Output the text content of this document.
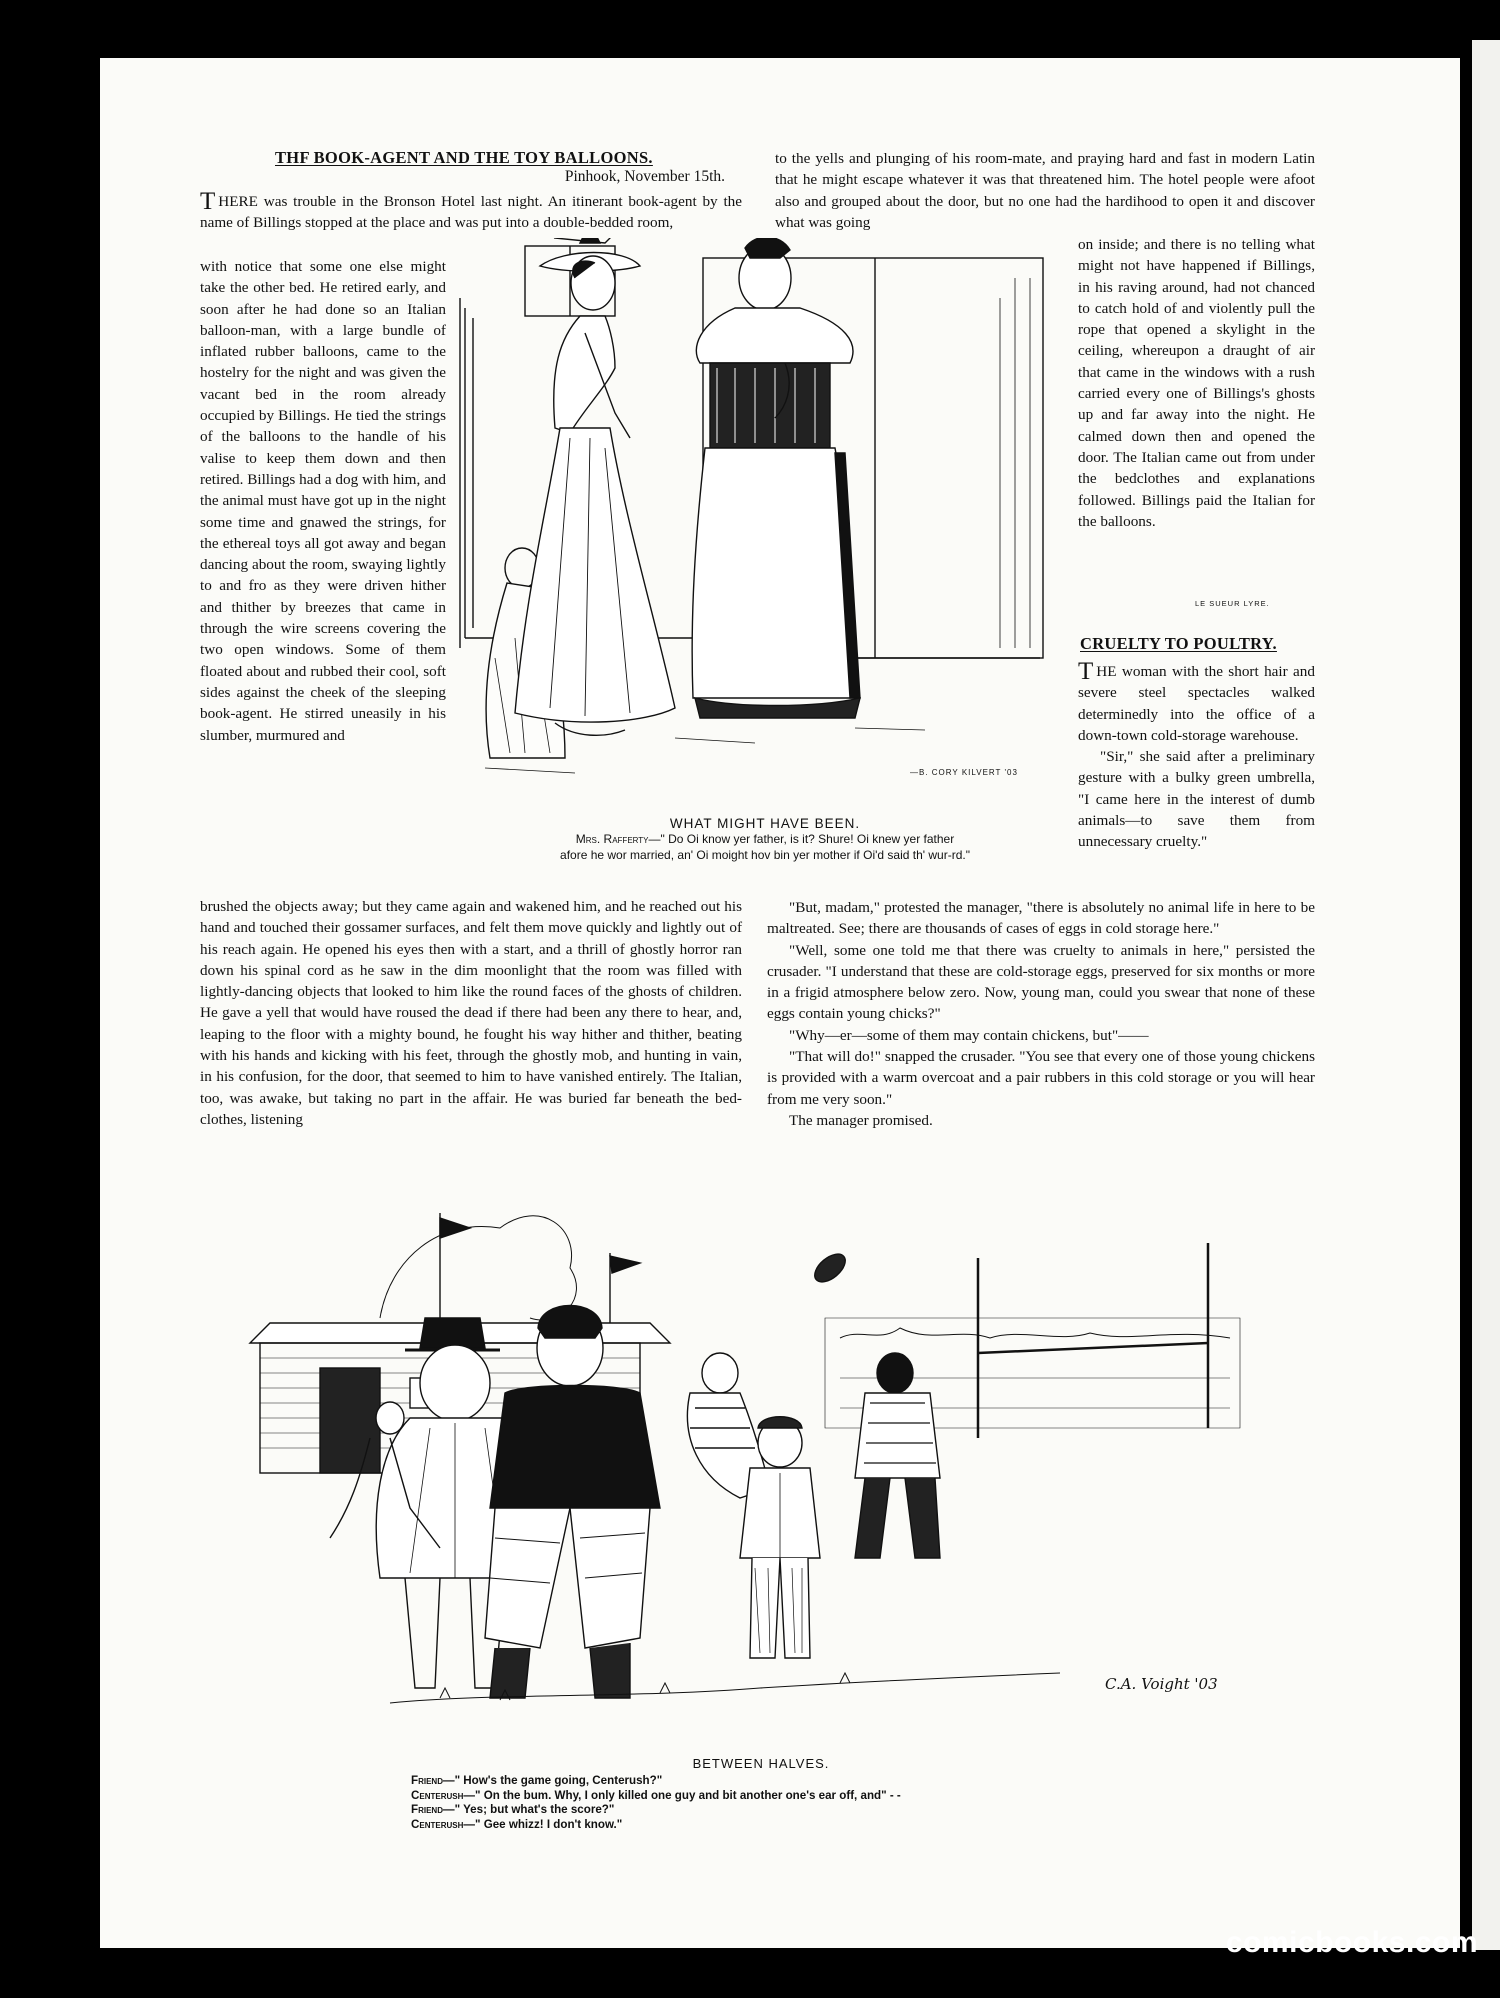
THF BOOK-AGENT AND THE TOY BALLOONS.
Pinhook, November 15th.

THERE was trouble in the Bronson Hotel last night. An itinerant book-agent by the name of Billings stopped at the place and was put into a double-bedded room,

with notice that some one else might take the other bed. He retired early, and soon after he had done so an Italian balloon-man, with a large bundle of inflated rubber balloons, came to the hostelry for the night and was given the vacant bed in the room already occupied by Billings. He tied the strings of the balloons to the handle of his valise to keep them down and then retired. Billings had a dog with him, and the animal must have got up in the night some time and gnawed the strings, for the ethereal toys all got away and began dancing about the room, swaying lightly to and fro as they were driven hither and thither by breezes that came in through the wire screens covering the two open windows. Some of them floated about and rubbed their cool, soft sides against the cheek of the sleeping book-agent. He stirred uneasily in his slumber, murmured and

brushed the objects away; but they came again and wakened him, and he reached out his hand and touched their gossamer surfaces, and felt them move quickly and lightly out of his reach again. He opened his eyes then with a start, and a thrill of ghostly horror ran down his spinal cord as he saw in the dim moonlight that the room was filled with lightly-dancing objects that looked to him like the round faces of the ghosts of children. He gave a yell that would have roused the dead if there had been any there to hear, and, leaping to the floor with a mighty bound, he fought his way hither and thither, beating with his hands and kicking with his feet, through the ghostly mob, and hunting in vain, in his confusion, for the door, that seemed to him to have vanished entirely. The Italian, too, was awake, but taking no part in the affair. He was buried far beneath the bed-clothes, listening

to the yells and plunging of his room-mate, and praying hard and fast in modern Latin that he might escape whatever it was that threatened him. The hotel people were afoot also and grouped about the door, but no one had the hardihood to open it and discover what was going

on inside; and there is no telling what might not have happened if Billings, in his raving around, had not chanced to catch hold of and violently pull the rope that opened a skylight in the ceiling, whereupon a draught of air that came in the windows with a rush carried every one of Billings's ghosts up and far away into the night. He calmed down then and opened the door. The Italian came out from under the bedclothes and explanations followed. Billings paid the Italian for the balloons.

LE SUEUR LYRE.
—B. CORY KILVERT '03
WHAT MIGHT HAVE BEEN.
Mrs. Rafferty—" Do Oi know yer father, is it? Shure! Oi knew yer father
afore he wor married, an' Oi moight hov bin yer mother if Oi'd said th' wur-rd."
CRUELTY TO POULTRY.

THE woman with the short hair and severe steel spectacles walked determinedly into the office of a down-town cold-storage warehouse.

"Sir," she said after a preliminary gesture with a bulky green umbrella, "I came here in the interest of dumb animals—to save them from unnecessary cruelty."

"But, madam," protested the manager, "there is absolutely no animal life in here to be maltreated. See; there are thousands of cases of eggs in cold storage here."

"Well, some one told me that there was cruelty to animals in here," persisted the crusader. "I understand that these are cold-storage eggs, preserved for six months or more in a frigid atmosphere below zero. Now, young man, could you swear that none of these eggs contain young chicks?"

"Why—er—some of them may contain chickens, but"——

"That will do!" snapped the crusader. "You see that every one of those young chickens is provided with a warm overcoat and a pair rubbers in this cold storage or you will hear from me very soon."

The manager promised.

C.A. Voight '03
BETWEEN HALVES.
Friend—" How's the game going, Centerush?"
Centerush—" On the bum. Why, I only killed one guy and bit another one's ear off, and" - -
Friend—" Yes; but what's the score?"
Centerush—" Gee whizz! I don't know."
comicbooks.com
